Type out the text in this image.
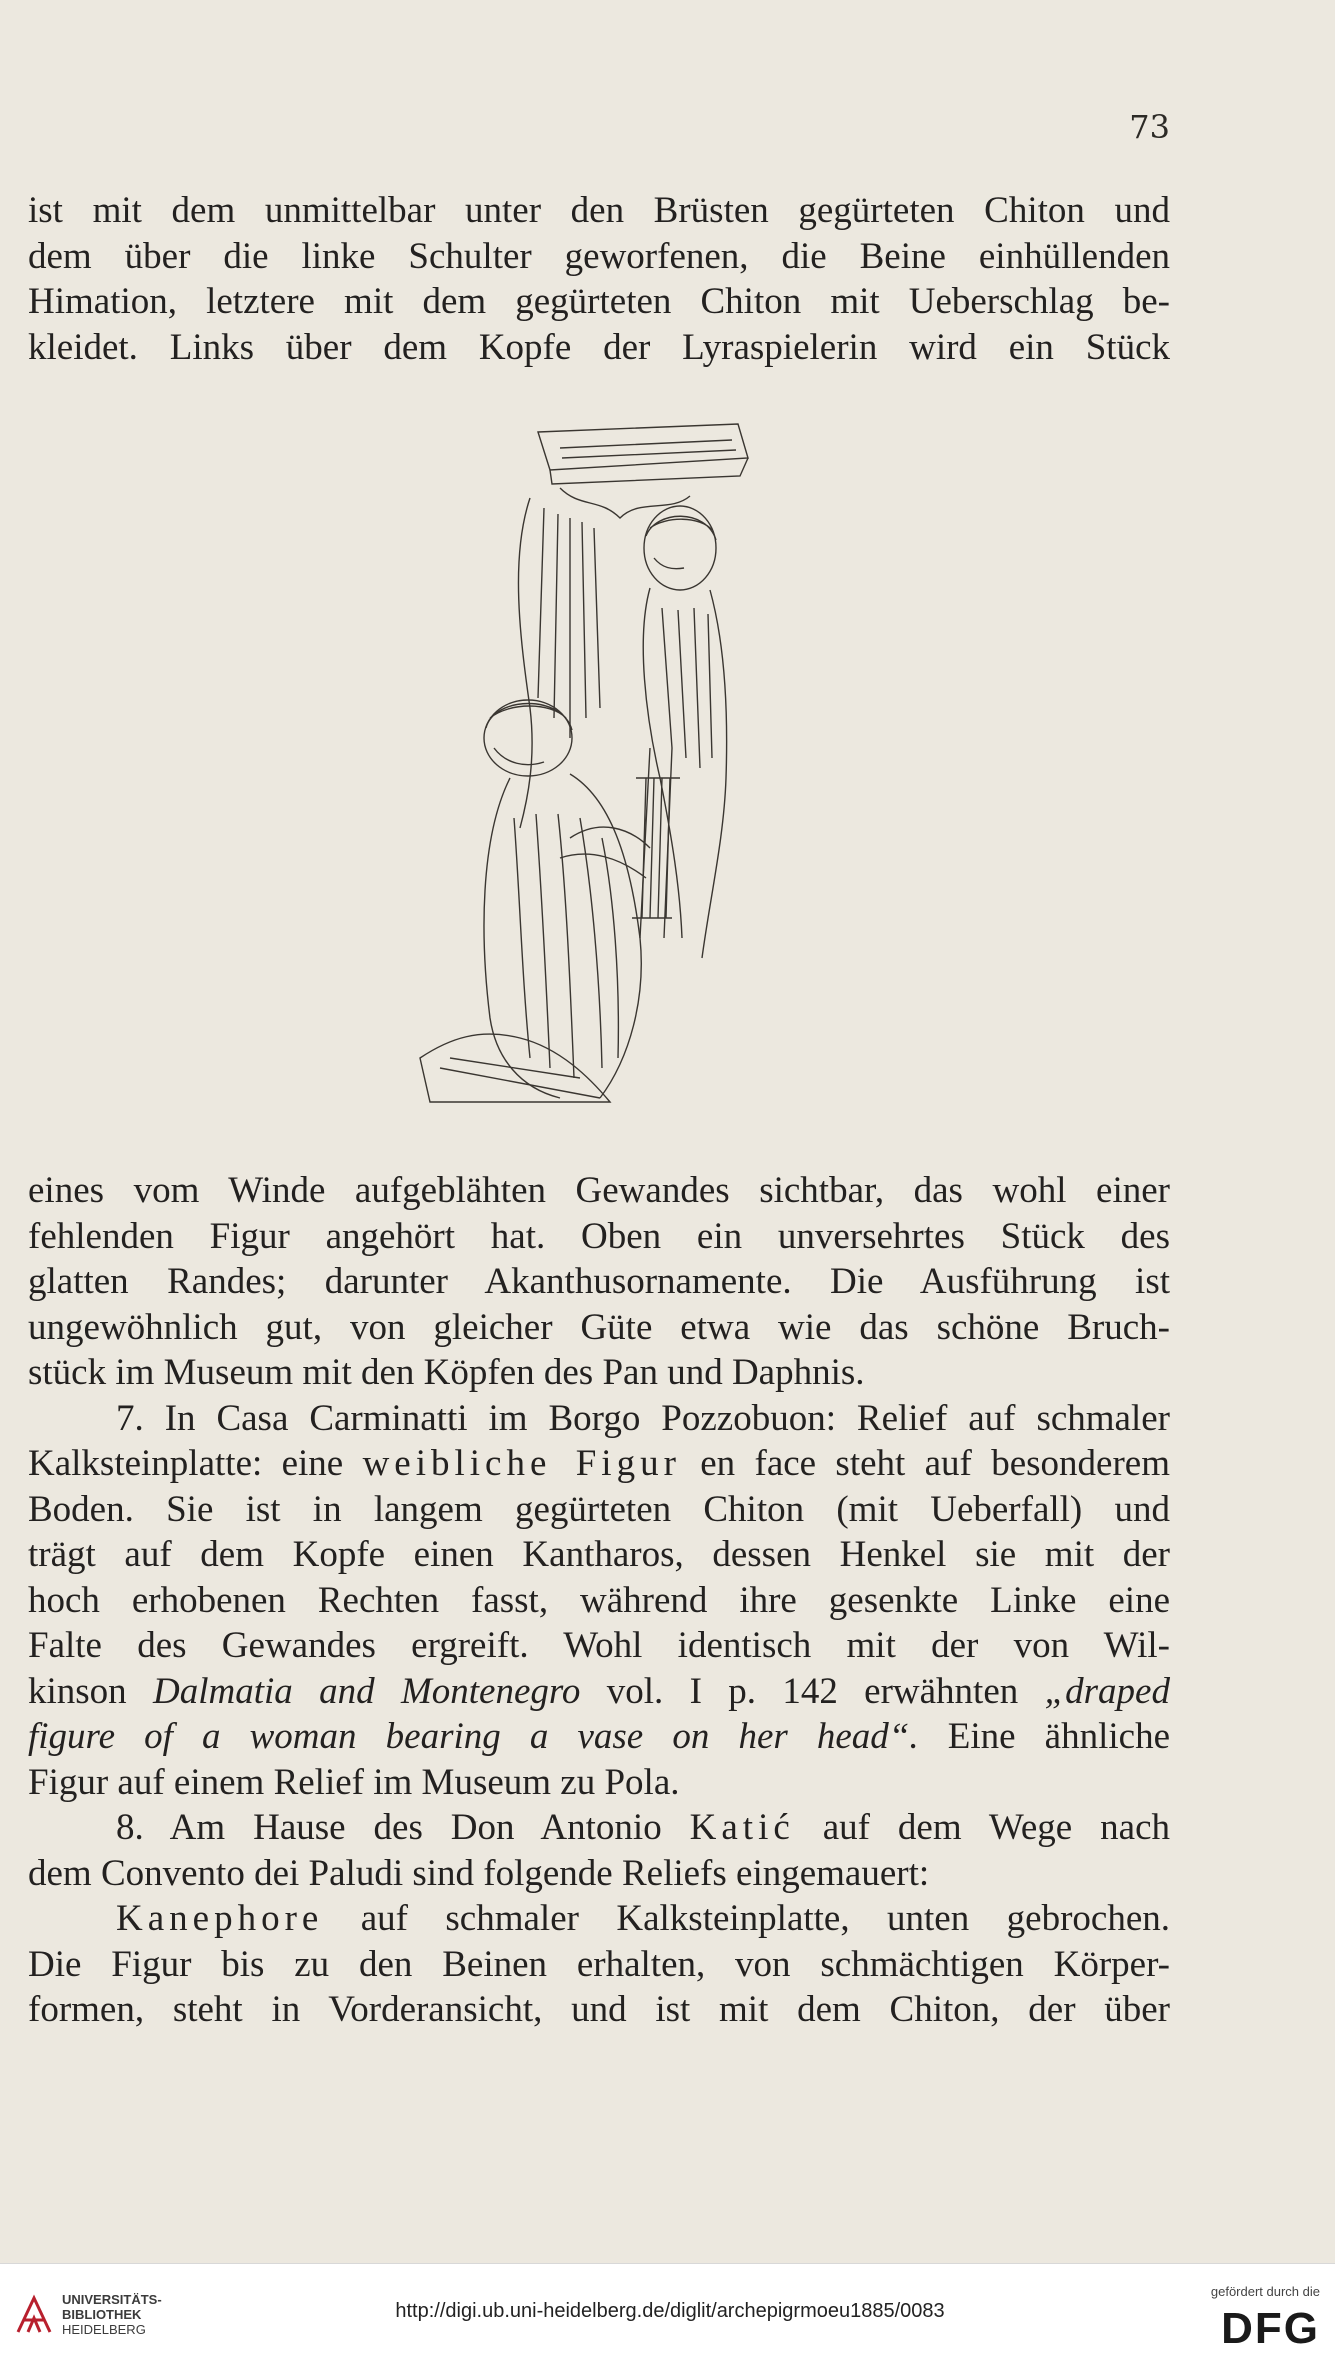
73

ist mit dem unmittelbar unter den Brüsten gegürteten Chiton und

dem über die linke Schulter geworfenen, die Beine einhüllenden

Himation, letztere mit dem gegürteten Chiton mit Ueberschlag be-

kleidet. Links über dem Kopfe der Lyraspielerin wird ein Stück

eines vom Winde aufgeblähten Gewandes sichtbar, das wohl einer

fehlenden Figur angehört hat. Oben ein unversehrtes Stück des

glatten Randes; darunter Akanthusornamente. Die Ausführung ist

ungewöhnlich gut, von gleicher Güte etwa wie das schöne Bruch-

stück im Museum mit den Köpfen des Pan und Daphnis.

7. In Casa Carminatti im Borgo Pozzobuon: Relief auf schmaler

Kalksteinplatte: eine weibliche Figur en face steht auf besonderem

Boden. Sie ist in langem gegürteten Chiton (mit Ueberfall) und

trägt auf dem Kopfe einen Kantharos, dessen Henkel sie mit der

hoch erhobenen Rechten fasst, während ihre gesenkte Linke eine

Falte des Gewandes ergreift. Wohl identisch mit der von Wil-

kinson Dalmatia and Montenegro vol. I p. 142 erwähnten „draped

figure of a woman bearing a vase on her head“. Eine ähnliche

Figur auf einem Relief im Museum zu Pola.

8. Am Hause des Don Antonio Katić auf dem Wege nach

dem Convento dei Paludi sind folgende Reliefs eingemauert:

Kanephore auf schmaler Kalksteinplatte, unten gebrochen.

Die Figur bis zu den Beinen erhalten, von schmächtigen Körper-

formen, steht in Vorderansicht, und ist mit dem Chiton, der über

UNIVERSITÄTS-
BIBLIOTHEK
HEIDELBERG
http://digi.ub.uni-heidelberg.de/diglit/archepigrmoeu1885/0083
gefördert durch die
DFG
